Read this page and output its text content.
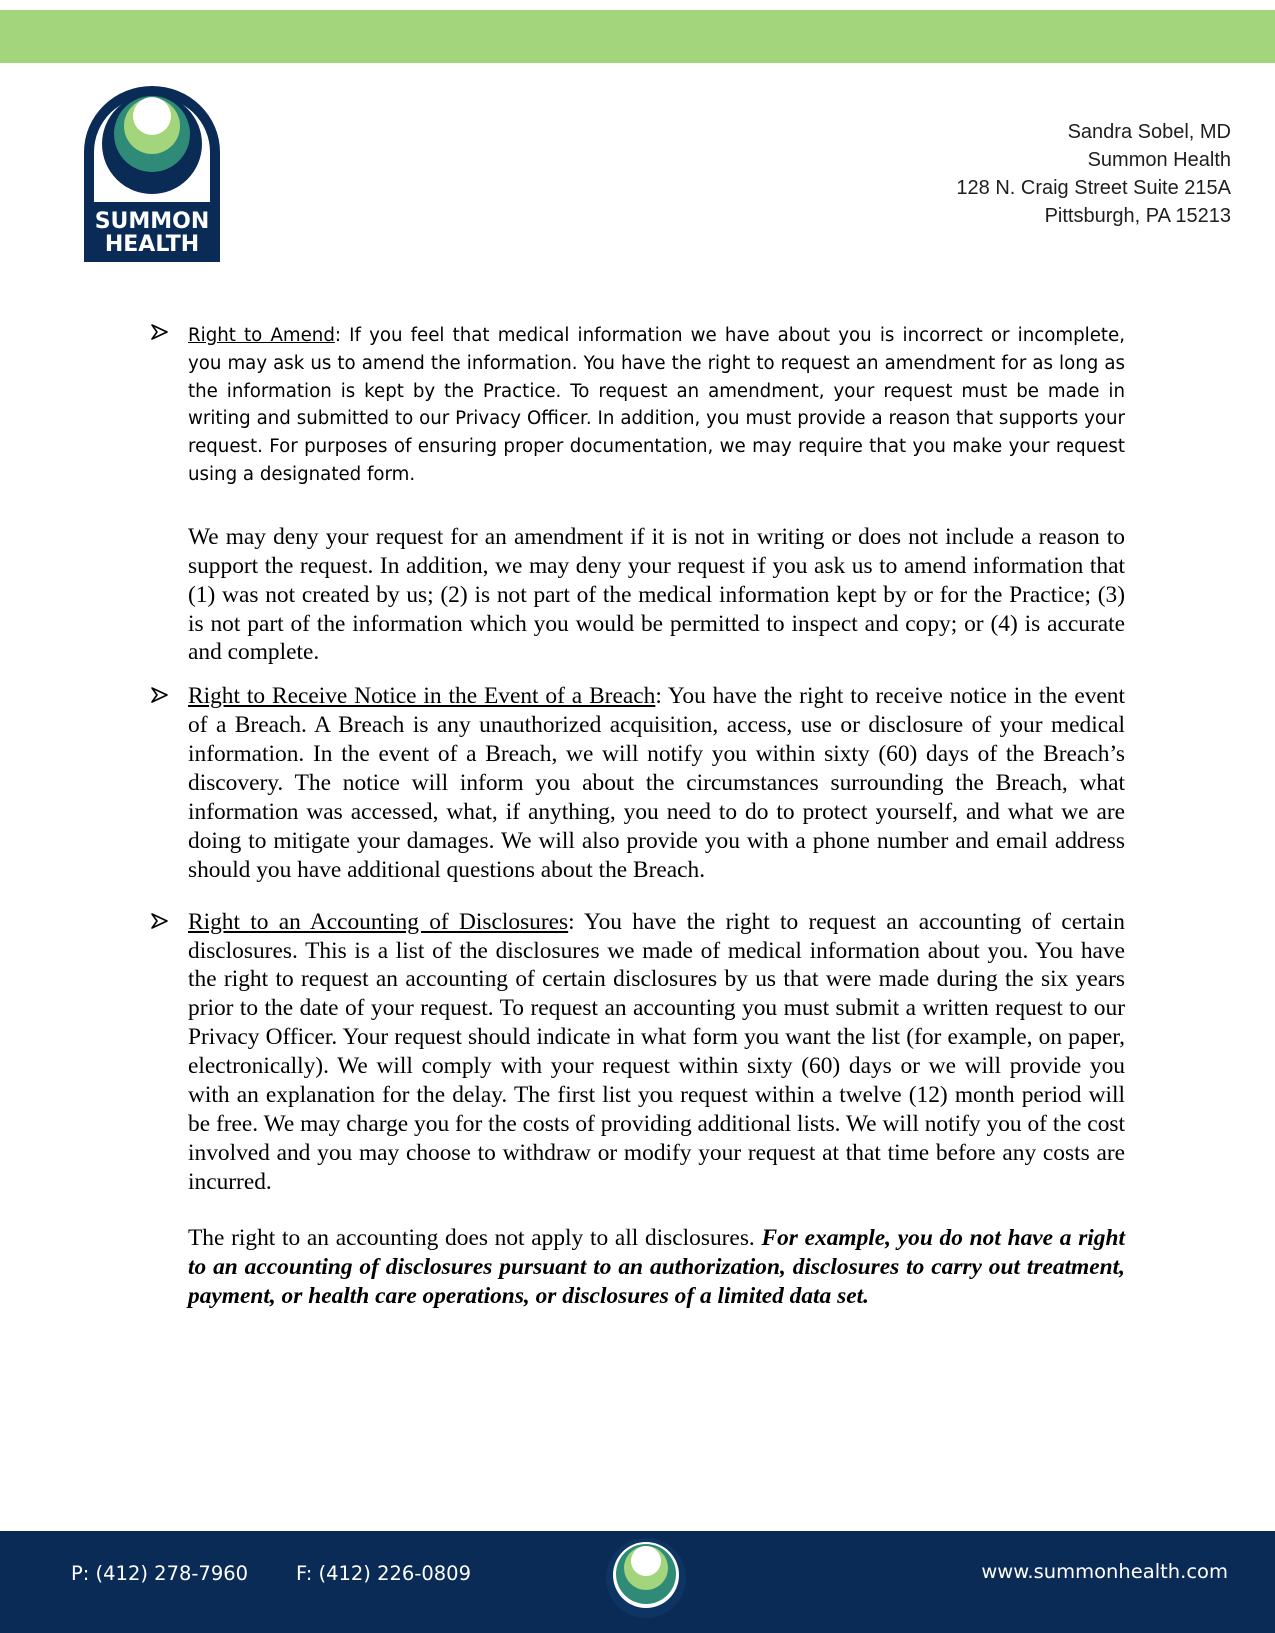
SUMMON
HEALTH
Sandra Sobel, MD
Summon Health
128 N. Craig Street Suite 215A
Pittsburgh, PA 15213

Right to Amend: If you feel that medical information we have about you is incorrect or incomplete, you may ask us to amend the information. You have the right to request an amendment for as long as the information is kept by the Practice. To request an amendment, your request must be made in writing and submitted to our Privacy Officer. In addition, you must provide a reason that supports your request. For purposes of ensuring proper documentation, we may require that you make your request using a designated form.

We may deny your request for an amendment if it is not in writing or does not include a reason to support the request. In addition, we may deny your request if you ask us to amend information that (1) was not created by us; (2) is not part of the medical information kept by or for the Practice; (3) is not part of the information which you would be permitted to inspect and copy; or (4) is accurate and complete.

Right to Receive Notice in the Event of a Breach: You have the right to receive notice in the event of a Breach. A Breach is any unauthorized acquisition, access, use or disclosure of your medical information. In the event of a Breach, we will notify you within sixty (60) days of the Breach’s discovery. The notice will inform you about the circumstances surrounding the Breach, what information was accessed, what, if anything, you need to do to protect yourself, and what we are doing to mitigate your damages. We will also provide you with a phone number and email address should you have additional questions about the Breach.

Right to an Accounting of Disclosures: You have the right to request an accounting of certain disclosures. This is a list of the disclosures we made of medical information about you. You have the right to request an accounting of certain disclosures by us that were made during the six years prior to the date of your request. To request an accounting you must submit a written request to our Privacy Officer. Your request should indicate in what form you want the list (for example, on paper, electronically). We will comply with your request within sixty (60) days or we will provide you with an explanation for the delay. The first list you request within a twelve (12) month period will be free. We may charge you for the costs of providing additional lists. We will notify you of the cost involved and you may choose to withdraw or modify your request at that time before any costs are incurred.

The right to an accounting does not apply to all disclosures. For example, you do not have a right to an accounting of disclosures pursuant to an authorization, disclosures to carry out treatment, payment, or health care operations, or disclosures of a limited data set.

P: (412) 278-7960 F: (412) 226-0809	www.summonhealth.com
